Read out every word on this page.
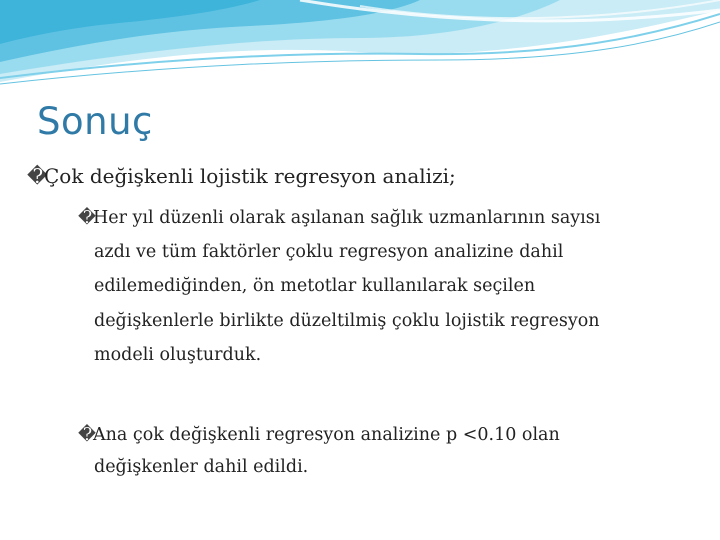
Sonuç
�Çok değişkenli lojistik regresyon analizi;
�Her yıl düzenli olarak aşılanan sağlık uzmanlarının sayısı
azdı ve tüm faktörler çoklu regresyon analizine dahil
edilemediğinden, ön metotlar kullanılarak seçilen
değişkenlerle birlikte düzeltilmiş çoklu lojistik regresyon
modeli oluşturduk.
�Ana çok değişkenli regresyon analizine p <0.10 olan
değişkenler dahil edildi.
